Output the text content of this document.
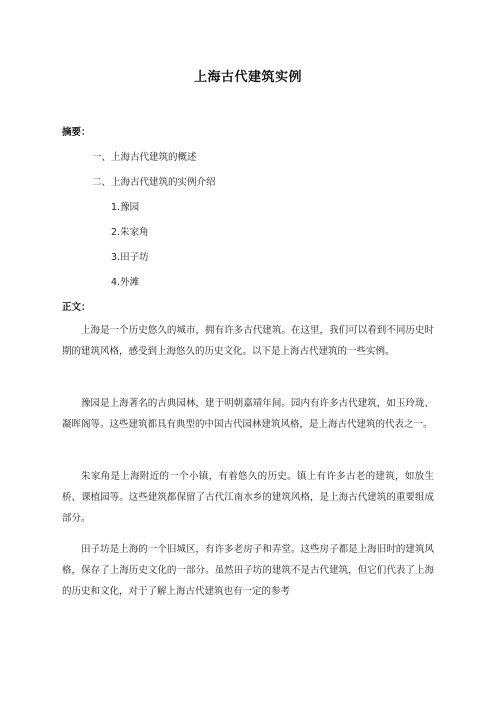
上海古代建筑实例
摘要：
一、上海古代建筑的概述
二、上海古代建筑的实例介绍
1.豫园
2.朱家角
3.田子坊
4.外滩
正文：

上海是一个历史悠久的城市，拥有许多古代建筑。在这里，我们可以看到不同历史时期的建筑风格，感受到上海悠久的历史文化。以下是上海古代建筑的一些实例。

豫园是上海著名的古典园林，建于明朝嘉靖年间。园内有许多古代建筑，如玉玲珑、凝晖阁等。这些建筑都具有典型的中国古代园林建筑风格，是上海古代建筑的代表之一。

朱家角是上海附近的一个小镇，有着悠久的历史。镇上有许多古老的建筑，如放生桥、课植园等。这些建筑都保留了古代江南水乡的建筑风格，是上海古代建筑的重要组成部分。

田子坊是上海的一个旧城区，有许多老房子和弄堂。这些房子都是上海旧时的建筑风格，保存了上海历史文化的一部分。虽然田子坊的建筑不是古代建筑，但它们代表了上海的历史和文化，对于了解上海古代建筑也有一定的参考
